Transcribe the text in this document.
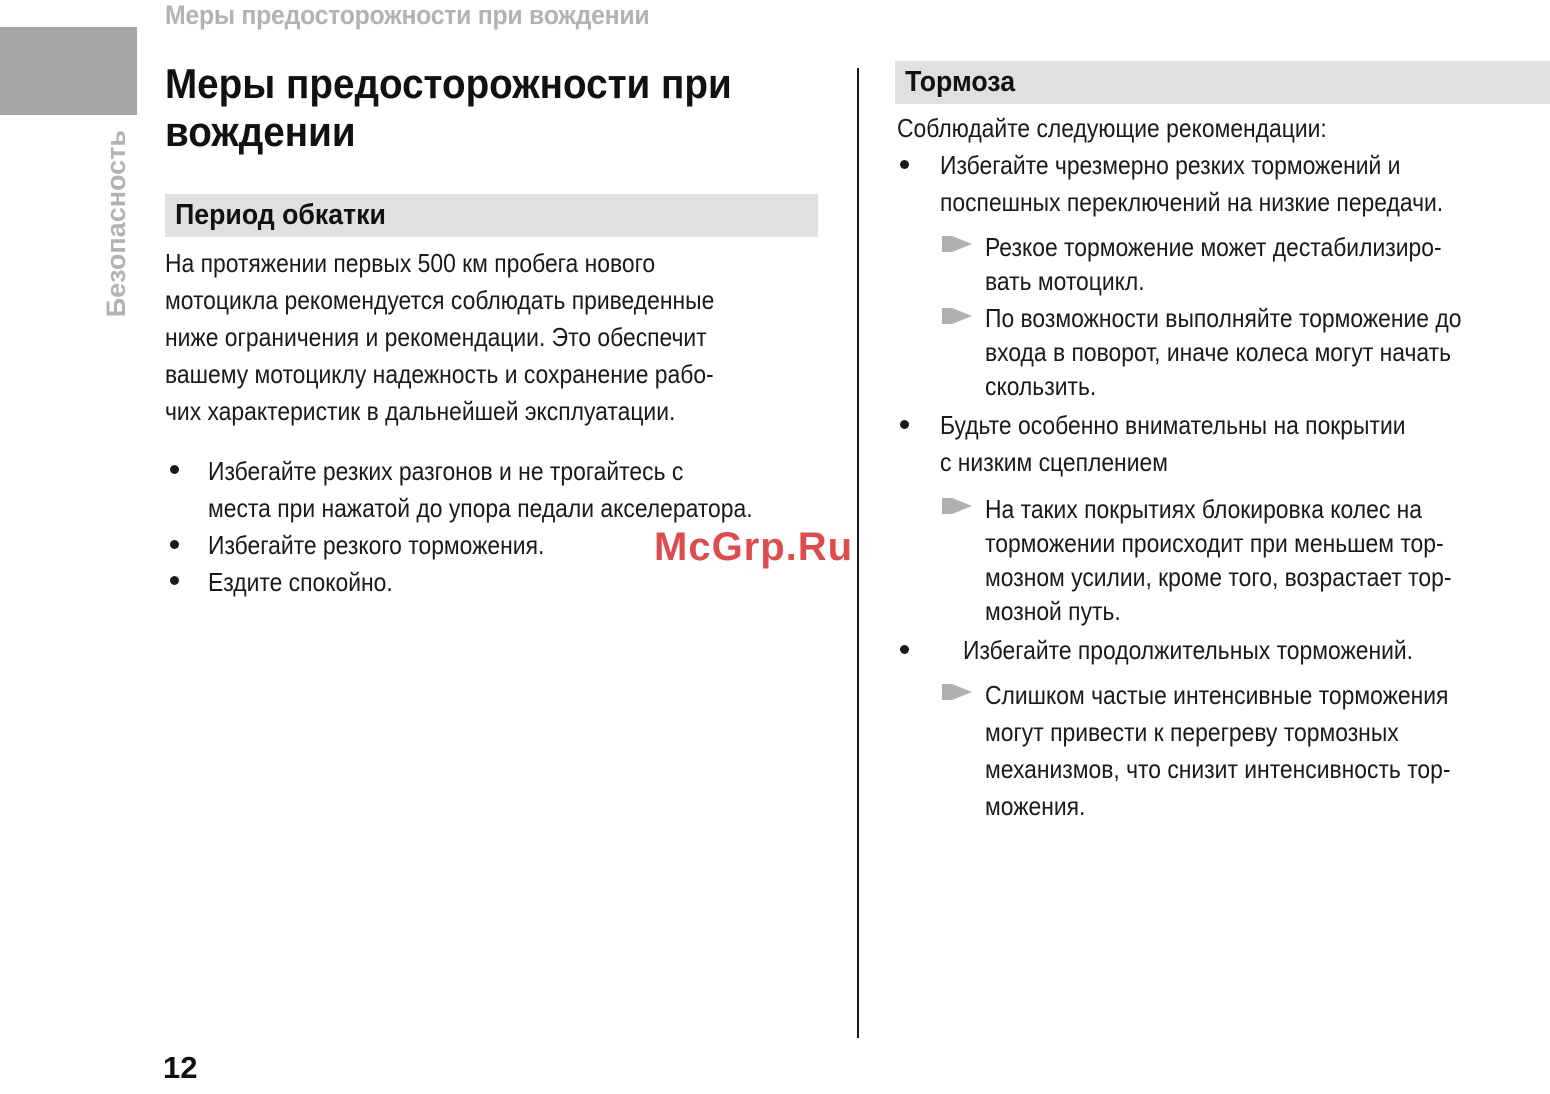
Меры предосторожности при вождении
Безопасность
Меры предосторожности при
вождении
Период обкатки
На протяжении первых 500 км пробега нового
мотоцикла рекомендуется соблюдать приведенные
ниже ограничения и рекомендации. Это обеспечит
вашему мотоциклу надежность и сохранение рабо-
чих характеристик в дальнейшей эксплуатации.
Избегайте резких разгонов и не трогайтесь с
места при нажатой до упора педали акселератора.
Избегайте резкого торможения.
Ездите спокойно.
McGrp.Ru
Тормоза
Соблюдайте следующие рекомендации:
Избегайте чрезмерно резких торможений и
поспешных переключений на низкие передачи.
Резкое торможение может дестабилизиро-
вать мотоцикл.
По возможности выполняйте торможение до
входа в поворот, иначе колеса могут начать
скользить.
Будьте особенно внимательны на покрытии
с низким сцеплением
На таких покрытиях блокировка колес на
торможении происходит при меньшем тор-
мозном усилии, кроме того, возрастает тор-
мозной путь.
Избегайте продолжительных торможений.
Слишком частые интенсивные торможения
могут привести к перегреву тормозных
механизмов, что снизит интенсивность тор-
можения.
12
